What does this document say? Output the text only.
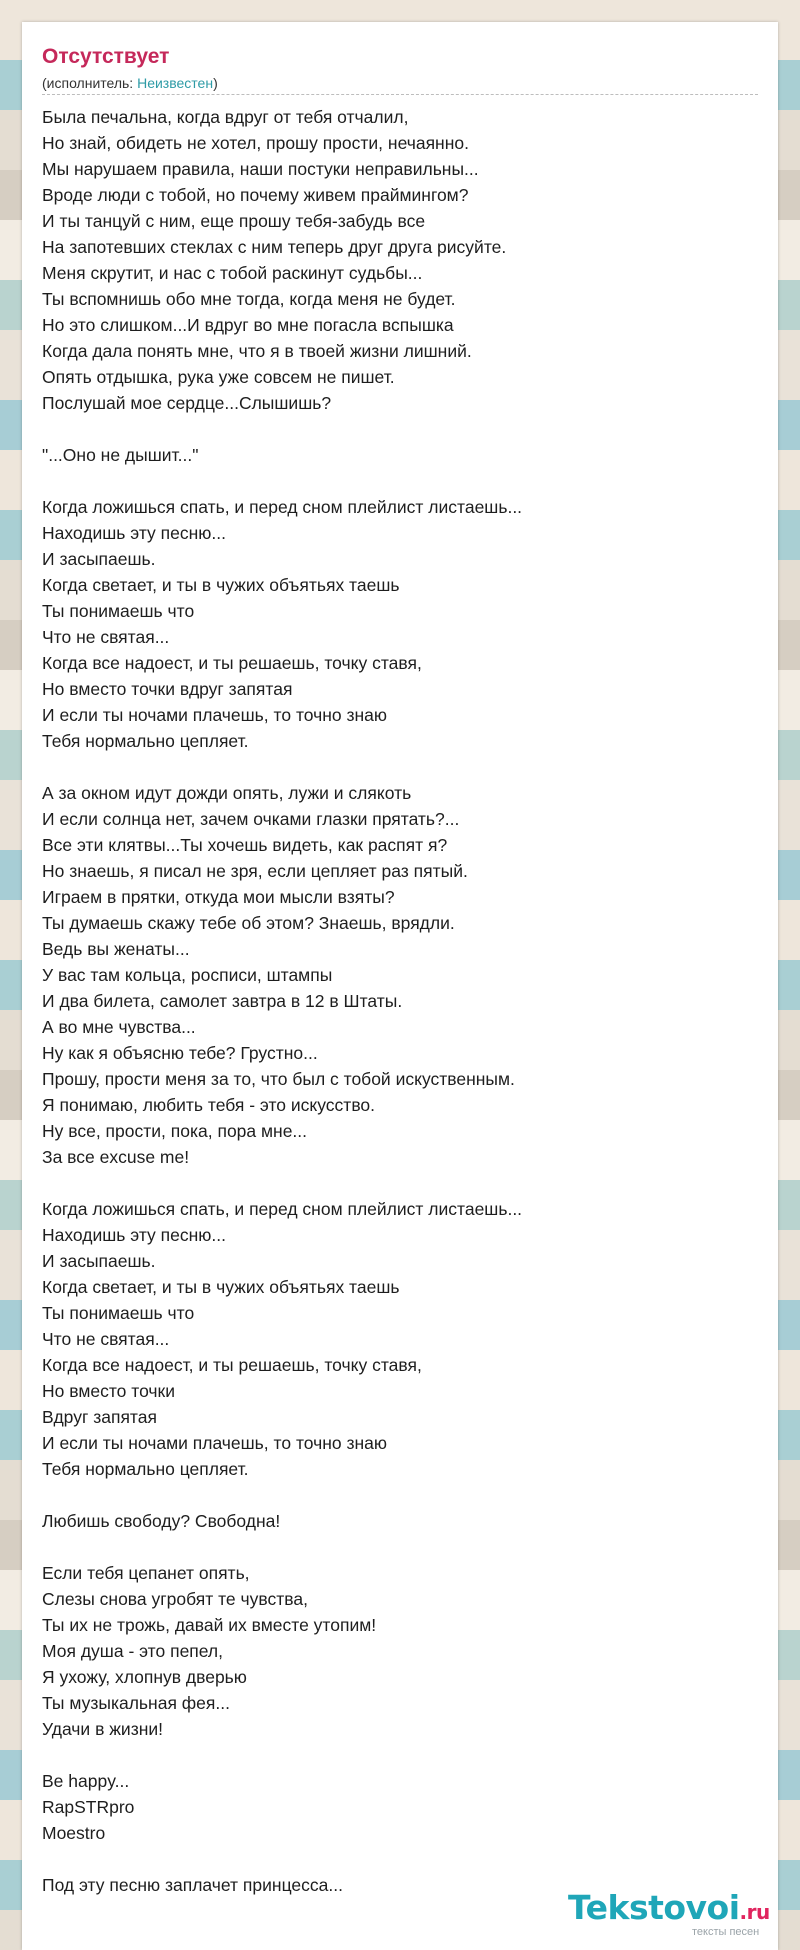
Отсутствует
(исполнитель: Неизвестен)
Была печальна, когда вдруг от тебя отчалил,
Но знай, обидеть не хотел, прошу прости, нечаянно.
Мы нарушаем правила, наши постуки неправильны...
Вроде люди с тобой, но почему живем праймингом?
И ты танцуй с ним, еще прошу тебя-забудь все
На запотевших стеклах с ним теперь друг друга рисуйте.
Меня скрутит, и нас с тобой раскинут судьбы...
Ты вспомнишь обо мне тогда, когда меня не будет.
Но это слишком...И вдруг во мне погасла вспышка
Когда дала понять мне, что я в твоей жизни лишний.
Опять отдышка, рука уже совсем не пишет.
Послушай мое сердце...Слышишь?
"...Оно не дышит..."
Когда ложишься спать, и перед сном плейлист листаешь...
Находишь эту песню...
И засыпаешь.
Когда светает, и ты в чужих объятьях таешь
Ты понимаешь что
Что не святая...
Когда все надоест, и ты решаешь, точку ставя,
Но вместо точки вдруг запятая
И если ты ночами плачешь, то точно знаю
Тебя нормально цепляет.
А за окном идут дожди опять, лужи и слякоть
И если солнца нет, зачем очками глазки прятать?...
Все эти клятвы...Ты хочешь видеть, как распят я?
Но знаешь, я писал не зря, если цепляет раз пятый.
Играем в прятки, откуда мои мысли взяты?
Ты думаешь скажу тебе об этом? Знаешь, врядли.
Ведь вы женаты...
У вас там кольца, росписи, штампы
И два билета, самолет завтра в 12 в Штаты.
А во мне чувства...
Ну как я объясню тебе? Грустно...
Прошу, прости меня за то, что был с тобой искуственным.
Я понимаю, любить тебя - это искусство.
Ну все, прости, пока, пора мне...
За все excuse me!
Когда ложишься спать, и перед сном плейлист листаешь...
Находишь эту песню...
И засыпаешь.
Когда светает, и ты в чужих объятьях таешь
Ты понимаешь что
Что не святая...
Когда все надоест, и ты решаешь, точку ставя,
Но вместо точки
Вдруг запятая
И если ты ночами плачешь, то точно знаю
Тебя нормально цепляет.
Любишь свободу? Свободна!
Если тебя цепанет опять,
Слезы снова угробят те чувства,
Ты их не трожь, давай их вместе утопим!
Моя душа - это пепел,
Я ухожу, хлопнув дверью
Ты музыкальная фея...
Удачи в жизни!
Be happy...
RapSTRpro
Moestro
Под эту песню заплачет принцесса...
Tekstovoi.ru
тексты песен
